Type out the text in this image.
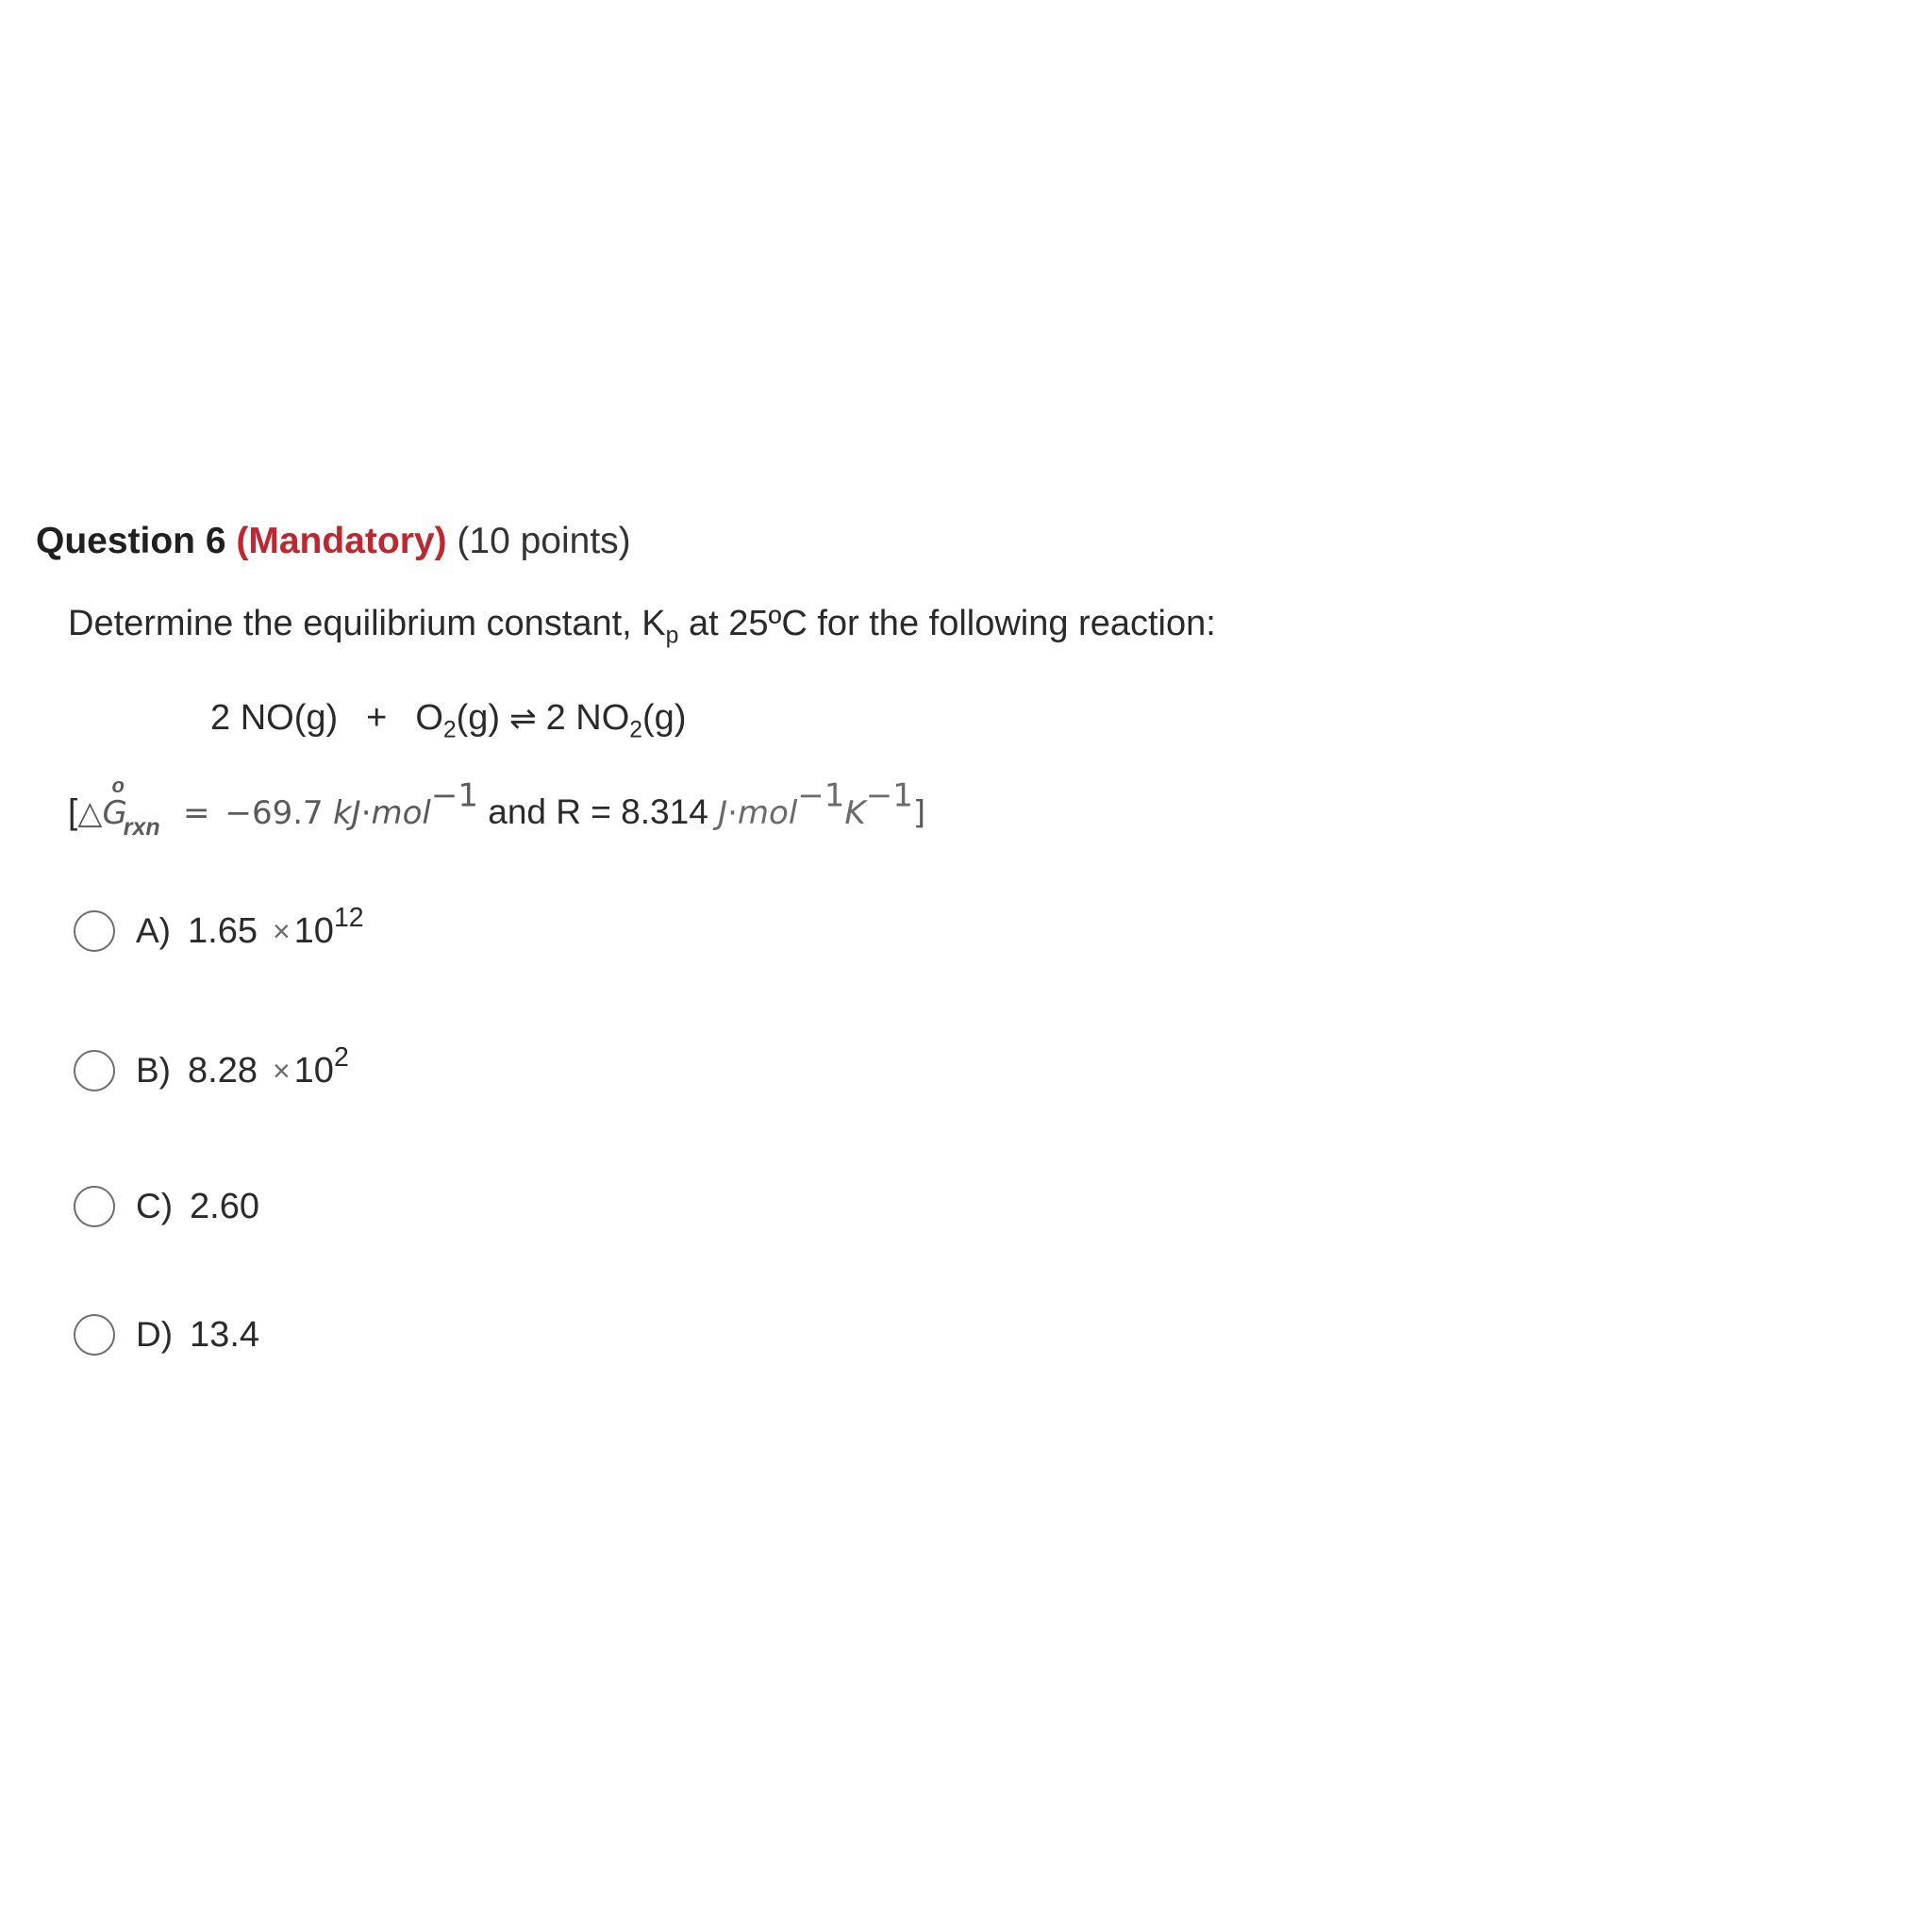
Question 6 (Mandatory) (10 points)
Determine the equilibrium constant, $K_p$ at 25ºC for the following reaction:
2 $NO(g) + O_2(g)$ ⇌ 2 $NO_2(g)$
[△G
o
$_{rxn}$ = −69.7 kJ·mol$^{-1}$ and R = 8.314 $J\cdot mol^{-1}K^{-1}$]
A) $1.65 \times 10^{12}$
B) $8.28 \times 10^2$
C) 2.60
D) 13.4
